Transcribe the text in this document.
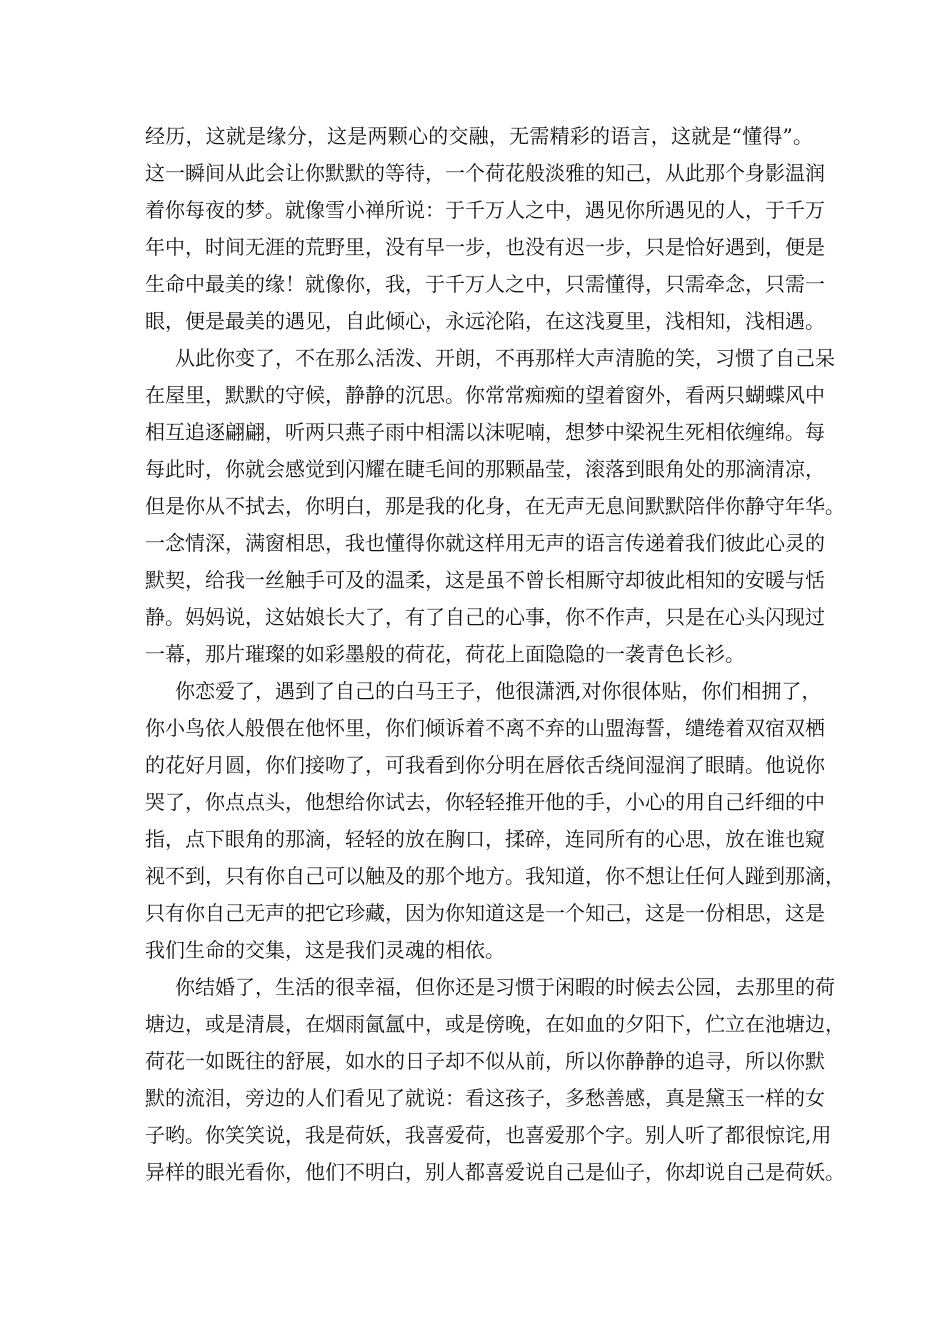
经历，这就是缘分，这是两颗心的交融，无需精彩的语言，这就是“懂得”。
这一瞬间从此会让你默默的等待，一个荷花般淡雅的知己，从此那个身影温润
着你每夜的梦。就像雪小禅所说：于千万人之中，遇见你所遇见的人，于千万
年中，时间无涯的荒野里，没有早一步，也没有迟一步，只是恰好遇到，便是
生命中最美的缘！就像你，我，于千万人之中，只需懂得，只需牵念，只需一
眼，便是最美的遇见，自此倾心，永远沦陷，在这浅夏里，浅相知，浅相遇。
从此你变了，不在那么活泼、开朗，不再那样大声清脆的笑，习惯了自己呆
在屋里，默默的守候，静静的沉思。你常常痴痴的望着窗外，看两只蝴蝶风中
相互追逐翩翩，听两只燕子雨中相濡以沫呢喃，想梦中梁祝生死相依缠绵。每
每此时，你就会感觉到闪耀在睫毛间的那颗晶莹，滚落到眼角处的那滴清凉，
但是你从不拭去，你明白，那是我的化身，在无声无息间默默陪伴你静守年华。
一念情深，满窗相思，我也懂得你就这样用无声的语言传递着我们彼此心灵的
默契，给我一丝触手可及的温柔，这是虽不曾长相厮守却彼此相知的安暖与恬
静。妈妈说，这姑娘长大了，有了自己的心事，你不作声，只是在心头闪现过
一幕，那片璀璨的如彩墨般的荷花，荷花上面隐隐的一袭青色长衫。
你恋爱了，遇到了自己的白马王子，他很潇洒,对你很体贴，你们相拥了，
你小鸟依人般偎在他怀里，你们倾诉着不离不弃的山盟海誓，缱绻着双宿双栖
的花好月圆，你们接吻了，可我看到你分明在唇依舌绕间湿润了眼睛。他说你
哭了，你点点头，他想给你试去，你轻轻推开他的手，小心的用自己纤细的中
指，点下眼角的那滴，轻轻的放在胸口，揉碎，连同所有的心思，放在谁也窥
视不到，只有你自己可以触及的那个地方。我知道，你不想让任何人踫到那滴，
只有你自己无声的把它珍藏，因为你知道这是一个知己，这是一份相思，这是
我们生命的交集，这是我们灵魂的相依。
你结婚了，生活的很幸福，但你还是习惯于闲暇的时候去公园，去那里的荷
塘边，或是清晨，在烟雨氤氲中，或是傍晚，在如血的夕阳下，伫立在池塘边，
荷花一如既往的舒展，如水的日子却不似从前，所以你静静的追寻，所以你默
默的流泪，旁边的人们看见了就说：看这孩子，多愁善感，真是黛玉一样的女
子哟。你笑笑说，我是荷妖，我喜爱荷，也喜爱那个字。别人听了都很惊诧,用
异样的眼光看你，他们不明白，别人都喜爱说自己是仙子，你却说自己是荷妖。
